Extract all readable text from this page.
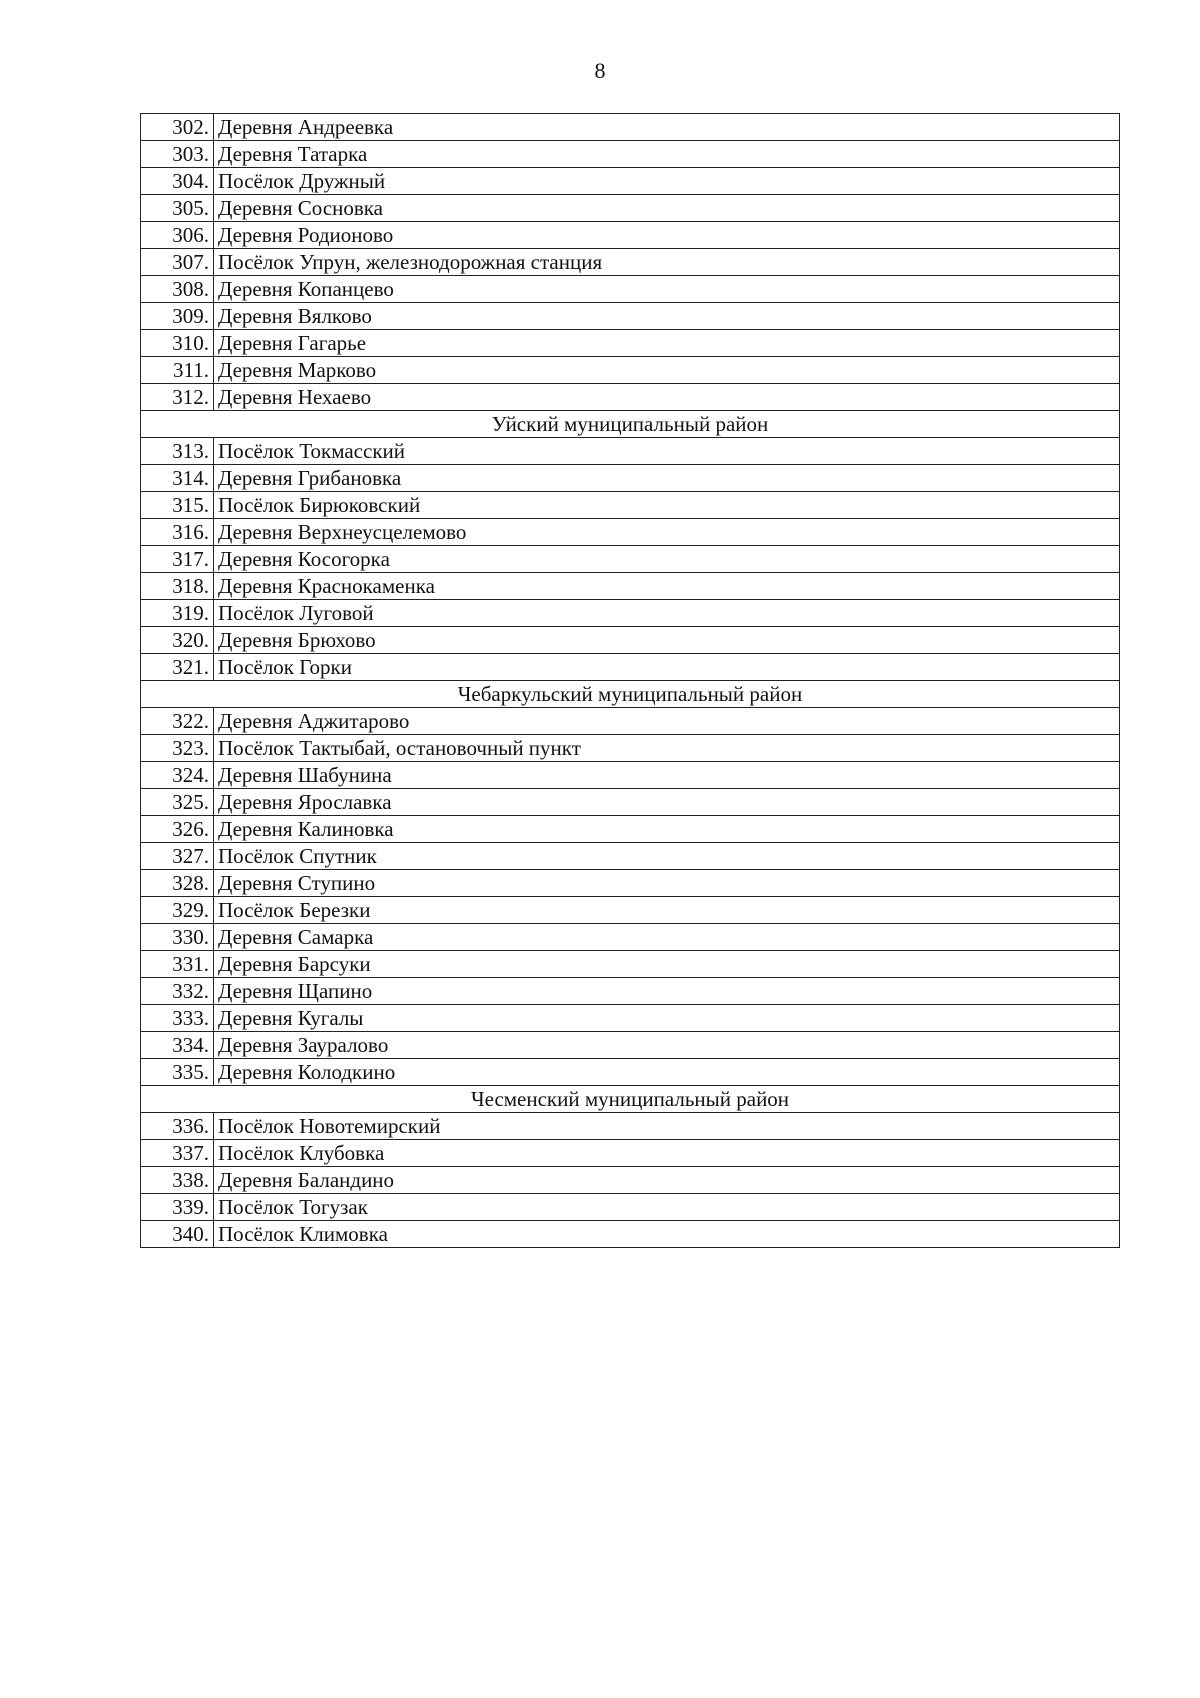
8
302.	Деревня Андреевка
303.	Деревня Татарка
304.	Посёлок Дружный
305.	Деревня Сосновка
306.	Деревня Родионово
307.	Посёлок Упрун, железнодорожная станция
308.	Деревня Копанцево
309.	Деревня Вялково
310.	Деревня Гагарье
311.	Деревня Марково
312.	Деревня Нехаево
Уйский муниципальный район	
313.	Посёлок Токмасский
314.	Деревня Грибановка
315.	Посёлок Бирюковский
316.	Деревня Верхнеусцелемово
317.	Деревня Косогорка
318.	Деревня Краснокаменка
319.	Посёлок Луговой
320.	Деревня Брюхово
321.	Посёлок Горки
Чебаркульский муниципальный район	
322.	Деревня Аджитарово
323.	Посёлок Тактыбай, остановочный пункт
324.	Деревня Шабунина
325.	Деревня Ярославка
326.	Деревня Калиновка
327.	Посёлок Спутник
328.	Деревня Ступино
329.	Посёлок Березки
330.	Деревня Самарка
331.	Деревня Барсуки
332.	Деревня Щапино
333.	Деревня Кугалы
334.	Деревня Зауралово
335.	Деревня Колодкино
Чесменский муниципальный район	
336.	Посёлок Новотемирский
337.	Посёлок Клубовка
338.	Деревня Баландино
339.	Посёлок Тогузак
340.	Посёлок Климовка
